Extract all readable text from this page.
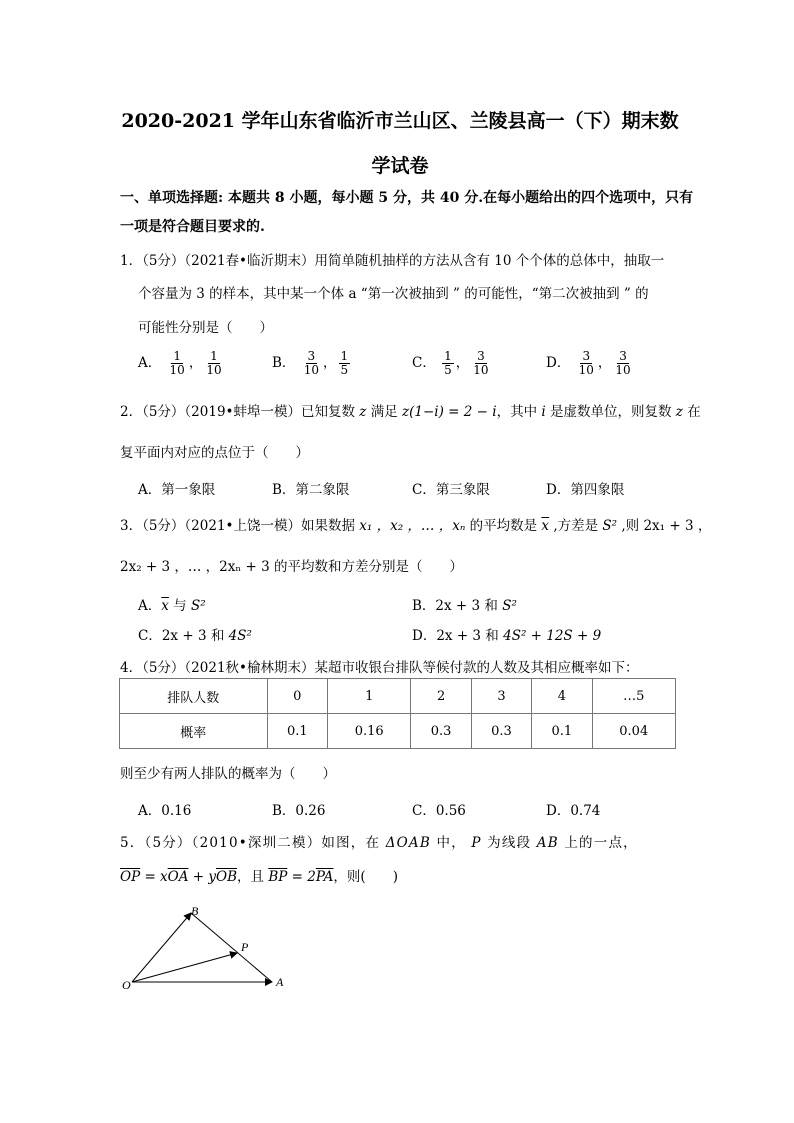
2020-2021 学年山东省临沂市兰山区、兰陵县高一（下）期末数
学试卷
一、单项选择题: 本题共 8 小题，每小题 5 分，共 40 分.在每小题给出的四个选项中，只有
一项是符合题目要求的.
1．（5分）（2021春•临沂期末）用简单随机抽样的方法从含有 10 个个体的总体中，抽取一
个容量为 3 的样本，其中某一个体 a “第一次被抽到 ” 的可能性，“第二次被抽到 ” 的
可能性分别是（　　）
A． $\frac{1}{10}$ ， $\frac{1}{10}$	B． $\frac{3}{10}$ ， $\frac{1}{5}$	C． $\frac{1}{5}$ ， $\frac{3}{10}$	D． $\frac{3}{10}$ ， $\frac{3}{10}$
2．（5分）（2019•蚌埠一模）已知复数 z 满足 z(1−i) = 2 − i，其中 i 是虚数单位，则复数 z 在
复平面内对应的点位于（　　）
A．第一象限	B．第二象限	C．第三象限	D．第四象限
3．（5分）（2021•上饶一模）如果数据 x₁ ，x₂ ，… ，xₙ 的平均数是 $\overline{x}$ ,方差是 S² ,则 2x₁ + 3 ，
2x₂ + 3 ，… ，2xₙ + 3 的平均数和方差分别是（　　）
A．$\overline{x}$ 与 S²	B．2x + 3 和 S²
C．2x + 3 和 4S²	D．2x + 3 和 4S² + 12S + 9
4．（5分）（2021秋•榆林期末）某超市收银台排队等候付款的人数及其相应概率如下：
排队人数	0	1	2	3	4	…5
概率	0.1	0.16	0.3	0.3	0.1	0.04
则至少有两人排队的概率为（　　）
A．0.16	B．0.26	C．0.56	D．0.74
5．（5分）（2010•深圳二模）如图，在 ΔOAB 中， P 为线段 AB 上的一点，
$\overline{OP} = x\overline{OA} + y\overline{OB}$，且 $\overline{BP} = 2\overline{PA}$，则(　　)
B
P
O	A
